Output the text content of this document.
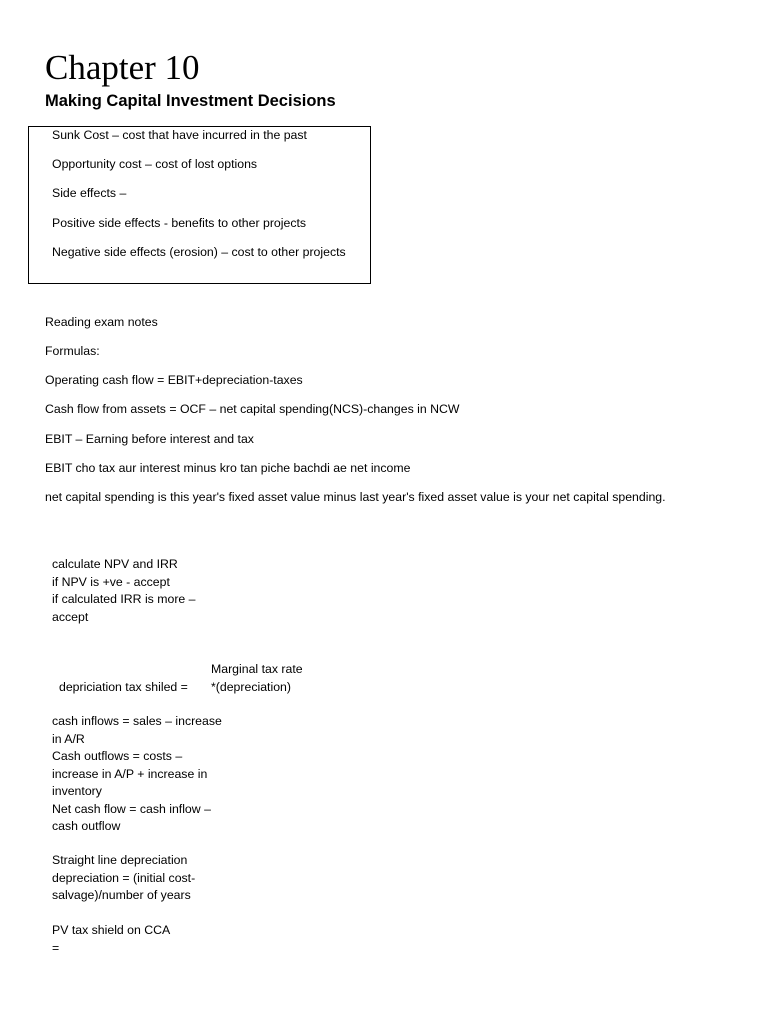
Chapter 10
Making Capital Investment Decisions
Sunk Cost – cost that have incurred in the past
Opportunity cost – cost of lost options
Side effects –
Positive side effects - benefits to other projects
Negative side effects (erosion) – cost to other projects
Reading exam notes
Formulas:
Operating cash flow = EBIT+depreciation-taxes
Cash flow from assets = OCF – net capital spending(NCS)-changes in NCW
EBIT – Earning before interest and tax
EBIT cho tax aur interest minus kro tan piche bachdi ae net income
net capital spending is this year's fixed asset value minus last year's fixed asset value is your net capital spending.
calculate NPV and IRR
if NPV is +ve - accept
if calculated IRR is more –
accept
Marginal tax rate
depriciation tax shiled = *(depreciation)
cash inflows = sales – increase
in A/R
Cash outflows = costs –
increase in A/P + increase in
inventory
Net cash flow = cash inflow –
cash outflow
Straight line depreciation
depreciation = (initial cost-
salvage)/number of years
PV tax shield on CCA
=
